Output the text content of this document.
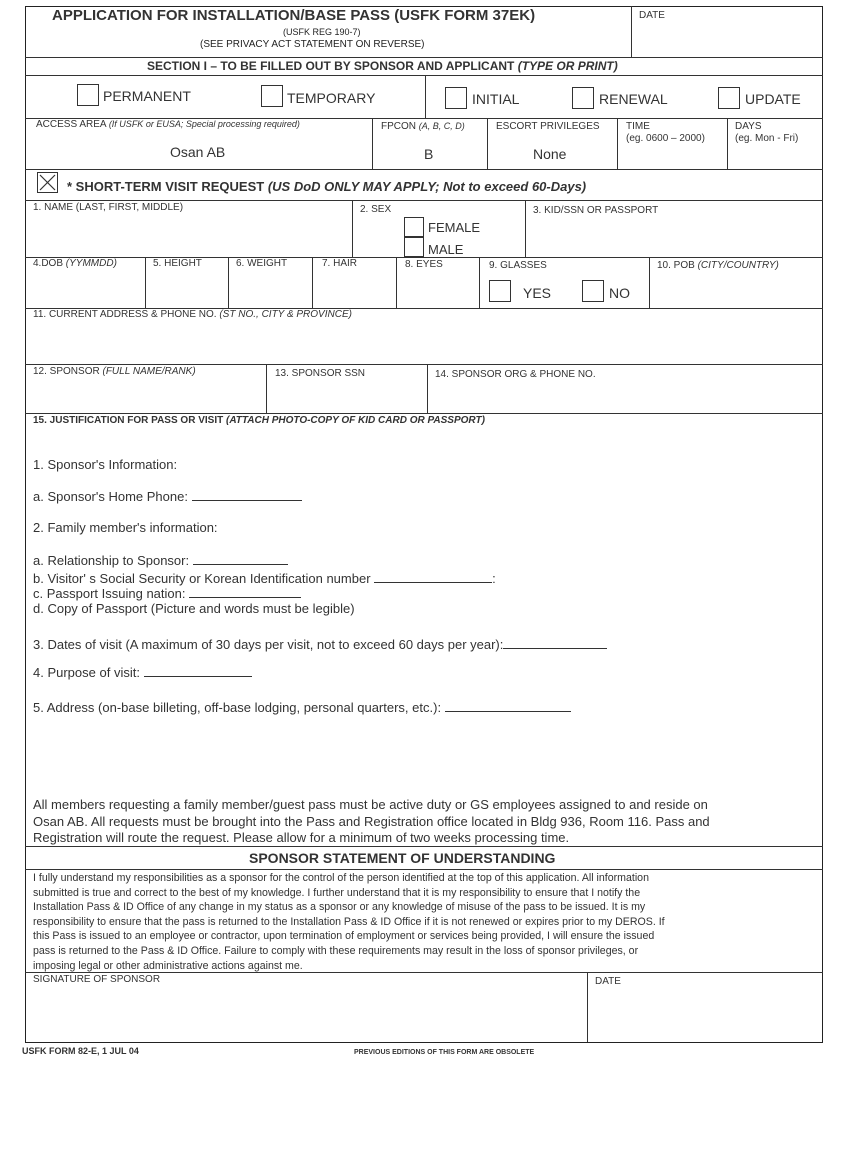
APPLICATION FOR INSTALLATION/BASE PASS (USFK FORM 37EK)
(USFK REG 190-7)
(SEE PRIVACY ACT STATEMENT ON REVERSE)
DATE
SECTION I – TO BE FILLED OUT BY SPONSOR AND APPLICANT (TYPE OR PRINT)
PERMANENT	TEMPORARY	INITIAL	RENEWAL	UPDATE
ACCESS AREA (If USFK or EUSA; Special processing required)
Osan AB
FPCON (A, B, C, D)
B
ESCORT PRIVILEGES
None
TIME
(eg. 0600 – 2000)
DAYS
(eg. Mon - Fri)
* SHORT-TERM VISIT REQUEST (US DoD ONLY MAY APPLY; Not to exceed 60-Days)
1. NAME (LAST, FIRST, MIDDLE)	2. SEX
FEMALE
MALE
3. KID/SSN OR PASSPORT
4.DOB (YYMMDD)	5. HEIGHT	6. WEIGHT	7. HAIR	8. EYES	9. GLASSES
YES	NO
10. POB (CITY/COUNTRY)
11. CURRENT ADDRESS & PHONE NO. (ST NO., CITY & PROVINCE)
12. SPONSOR (FULL NAME/RANK)	13. SPONSOR SSN	14. SPONSOR ORG & PHONE NO.
15. JUSTIFICATION FOR PASS OR VISIT (ATTACH PHOTO-COPY OF KID CARD OR PASSPORT)
1. Sponsor's Information:
a. Sponsor's Home Phone:
2. Family member's information:
a. Relationship to Sponsor:
b. Visitor' s Social Security or Korean Identification number	:
c. Passport Issuing nation:
d. Copy of Passport (Picture and words must be legible)
3. Dates of visit (A maximum of 30 days per visit, not to exceed 60 days per year):
4. Purpose of visit:
5. Address (on-base billeting, off-base lodging, personal quarters, etc.):
All members requesting a family member/guest pass must be active duty or GS employees assigned to and reside on
Osan AB. All requests must be brought into the Pass and Registration office located in Bldg 936, Room 116. Pass and
Registration will route the request. Please allow for a minimum of two weeks processing time.
SPONSOR STATEMENT OF UNDERSTANDING
I fully understand my responsibilities as a sponsor for the control of the person identified at the top of this application. All information
submitted is true and correct to the best of my knowledge. I further understand that it is my responsibility to ensure that I notify the
Installation Pass & ID Office of any change in my status as a sponsor or any knowledge of misuse of the pass to be issued. It is my
responsibility to ensure that the pass is returned to the Installation Pass & ID Office if it is not renewed or expires prior to my DEROS. If
this Pass is issued to an employee or contractor, upon termination of employment or services being provided, I will ensure the issued
pass is returned to the Pass & ID Office. Failure to comply with these requirements may result in the loss of sponsor privileges, or
imposing legal or other administrative actions against me.
SIGNATURE OF SPONSOR	DATE
USFK FORM 82-E, 1 JUL 04	PREVIOUS EDITIONS OF THIS FORM ARE OBSOLETE
